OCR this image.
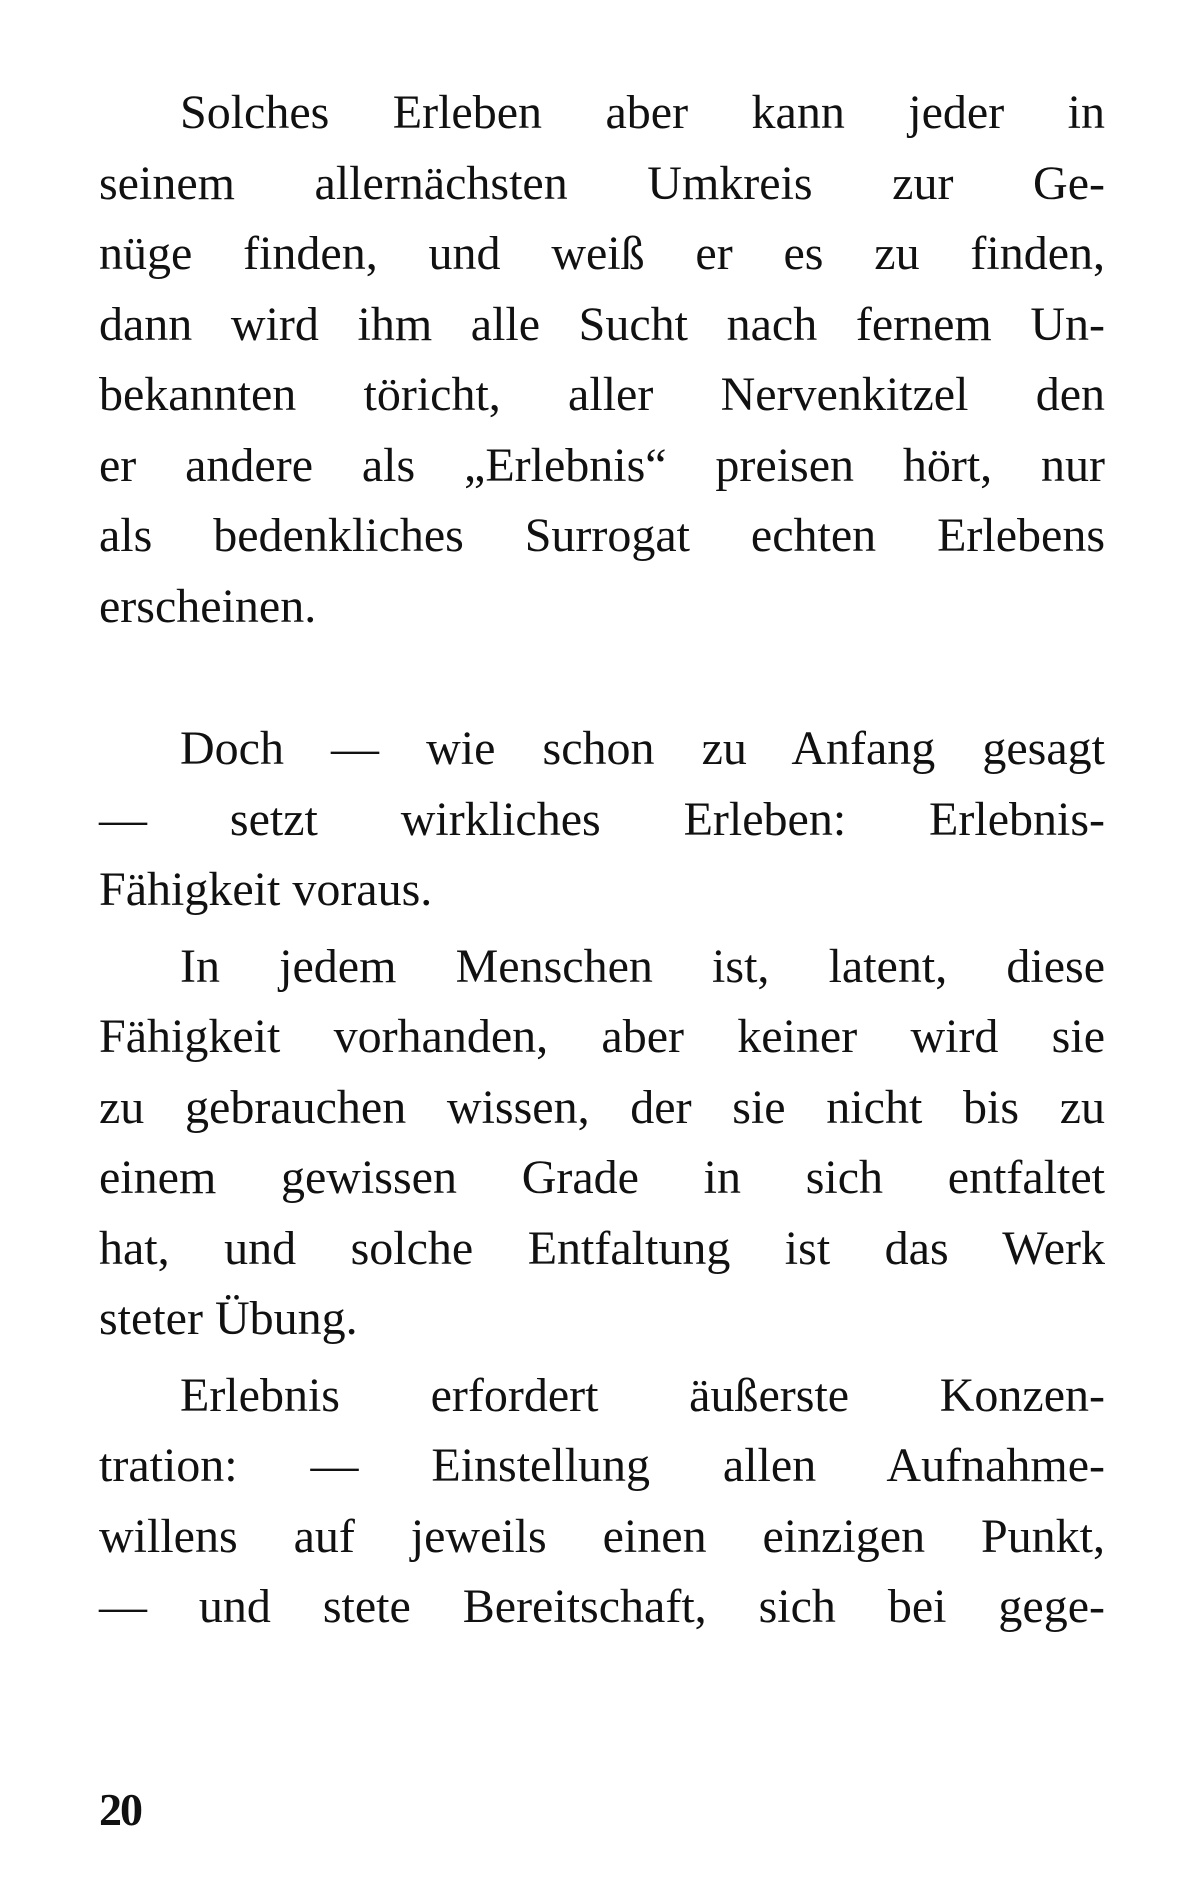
Solches Erleben aber kann jeder in
seinem allernächsten Umkreis zur Ge-
nüge finden, und weiß er es zu finden,
dann wird ihm alle Sucht nach fernem Un-
bekannten töricht, aller Nervenkitzel den
er andere als „Erlebnis“ preisen hört, nur
als bedenkliches Surrogat echten Erlebens
erscheinen.
Doch — wie schon zu Anfang gesagt
— setzt wirkliches Erleben: Erlebnis-
Fähigkeit voraus.
In jedem Menschen ist, latent, diese
Fähigkeit vorhanden, aber keiner wird sie
zu gebrauchen wissen, der sie nicht bis zu
einem gewissen Grade in sich entfaltet
hat, und solche Entfaltung ist das Werk
steter Übung.
Erlebnis erfordert äußerste Konzen-
tration: — Einstellung allen Aufnahme-
willens auf jeweils einen einzigen Punkt,
— und stete Bereitschaft, sich bei gege-
20
